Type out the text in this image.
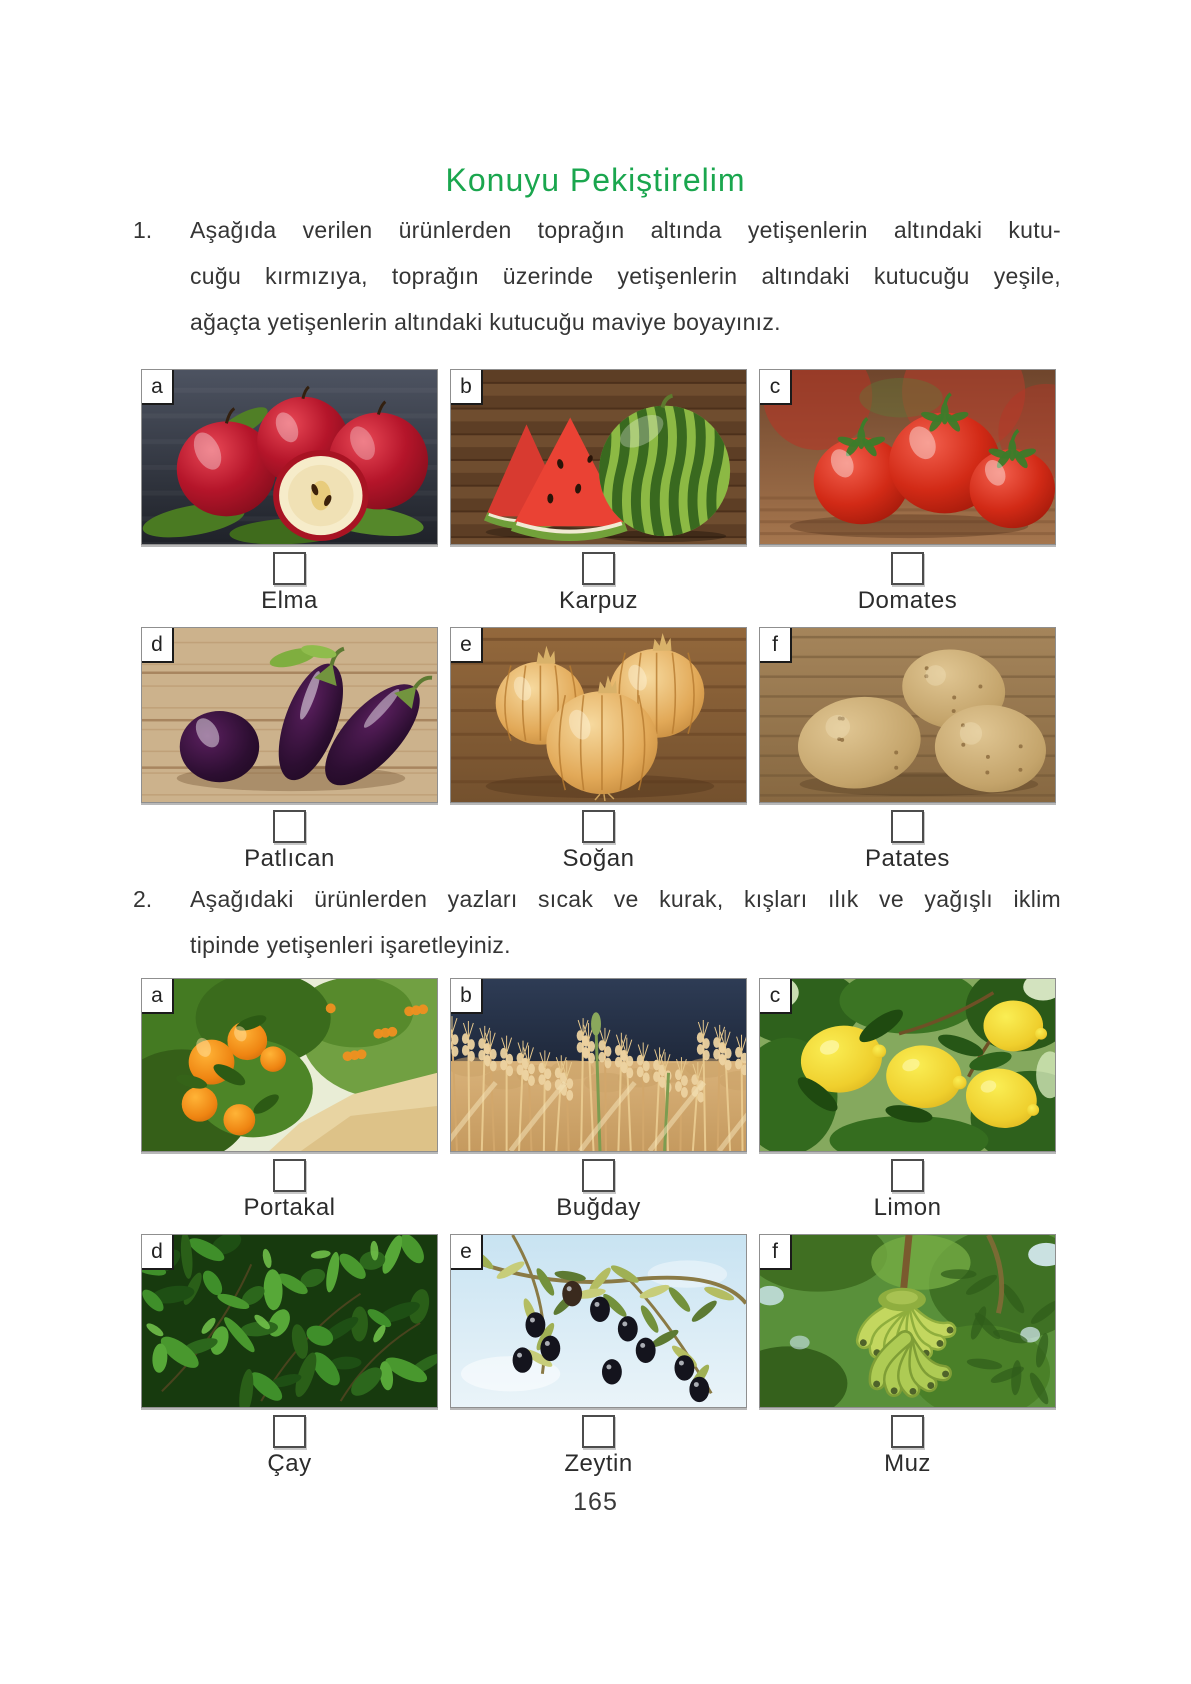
Konuyu Pekiştirelim
1.	Aşağıda verilen ürünlerden toprağın altında yetişenlerin altındaki kutu-
cuğu kırmızıya, toprağın üzerinde yetişenlerin altındaki kutucuğu yeşile,
ağaçta yetişenlerin altındaki kutucuğu maviye boyayınız.
a
Elma
b
Karpuz
c
Domates
d
Patlıcan
e
Soğan
f
Patates
2.	Aşağıdaki ürünlerden yazları sıcak ve kurak, kışları ılık ve yağışlı iklim
tipinde yetişenleri işaretleyiniz.
a
Portakal
b
Buğday
c
Limon
d
Çay
e
Zeytin
f
Muz
165
